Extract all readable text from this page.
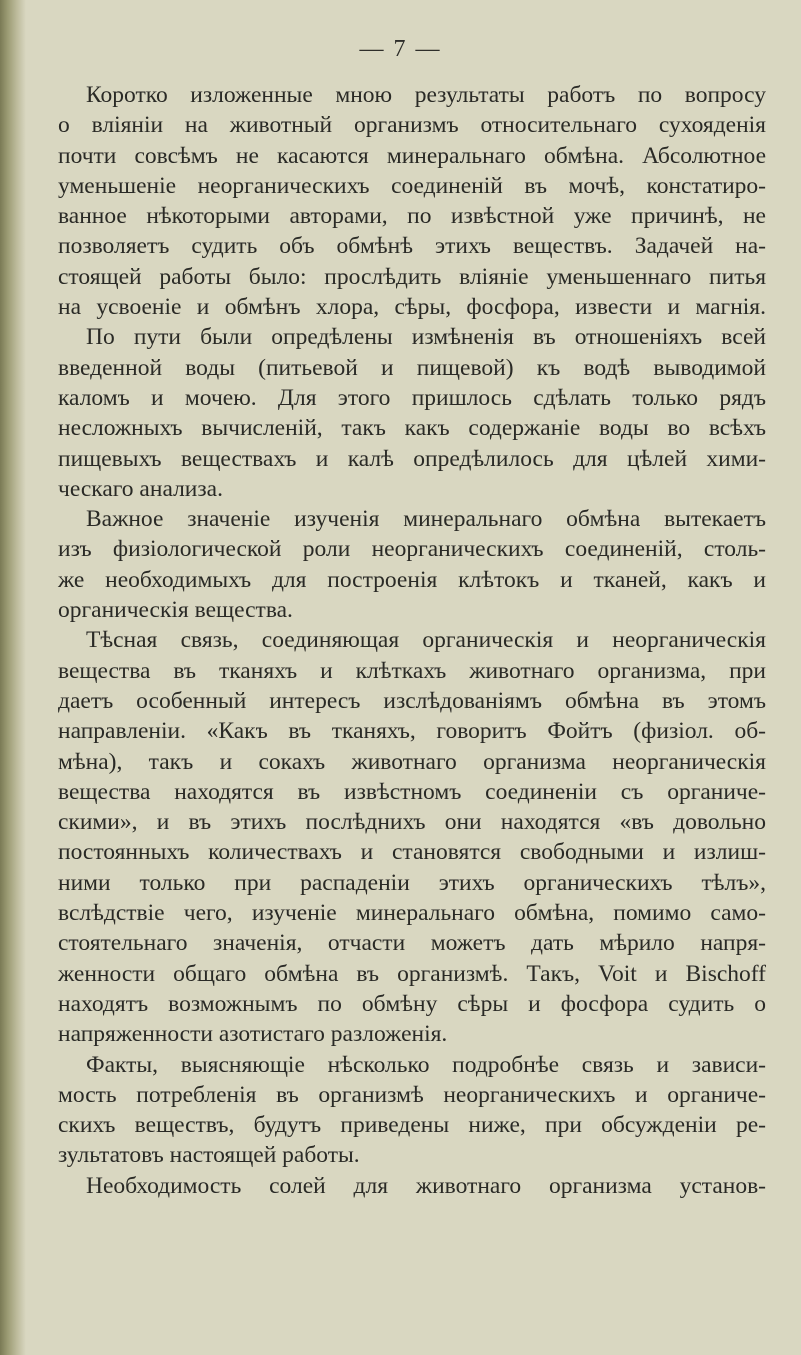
— 7 —
Коротко изложенные мною результаты работъ по вопросу
о вліяніи на животный организмъ относительнаго сухояденія
почти совсѣмъ не касаются минеральнаго обмѣна. Абсолютное
уменьшеніе неорганическихъ соединеній въ мочѣ, констатиро-
ванное нѣкоторыми авторами, по извѣстной уже причинѣ, не
позволяетъ судить объ обмѣнѣ этихъ веществъ. Задачей на-
стоящей работы было: прослѣдить вліяніе уменьшеннаго питья
на усвоеніе и обмѣнъ хлора, сѣры, фосфора, извести и магнія.
По пути были опредѣлены измѣненія въ отношеніяхъ всей
введенной воды (питьевой и пищевой) къ водѣ выводимой
каломъ и мочею. Для этого пришлось сдѣлать только рядъ
несложныхъ вычисленій, такъ какъ содержаніе воды во всѣхъ
пищевыхъ веществахъ и калѣ опредѣлилось для цѣлей хими-
ческаго анализа.
Важное значеніе изученія минеральнаго обмѣна вытекаетъ
изъ физіологической роли неорганическихъ соединеній, столь-
же необходимыхъ для построенія клѣтокъ и тканей, какъ и
органическія вещества.
Тѣсная связь, соединяющая органическія и неорганическія
вещества въ тканяхъ и клѣткахъ животнаго организма, при
даетъ особенный интересъ изслѣдованіямъ обмѣна въ этомъ
направленіи. «Какъ въ тканяхъ, говоритъ Фойтъ (физіол. об-
мѣна), такъ и сокахъ животнаго организма неорганическія
вещества находятся въ извѣстномъ соединеніи съ органиче-
скими», и въ этихъ послѣднихъ они находятся «въ довольно
постоянныхъ количествахъ и становятся свободными и излиш-
ними только при распаденіи этихъ органическихъ тѣлъ»,
вслѣдствіе чего, изученіе минеральнаго обмѣна, помимо само-
стоятельнаго значенія, отчасти можетъ дать мѣрило напря-
женности общаго обмѣна въ организмѣ. Такъ, Voit и Bischoff
находятъ возможнымъ по обмѣну сѣры и фосфора судить о
напряженности азотистаго разложенія.
Факты, выясняющіе нѣсколько подробнѣе связь и зависи-
мость потребленія въ организмѣ неорганическихъ и органиче-
скихъ веществъ, будутъ приведены ниже, при обсужденіи ре-
зультатовъ настоящей работы.
Необходимость солей для животнаго организма установ-
